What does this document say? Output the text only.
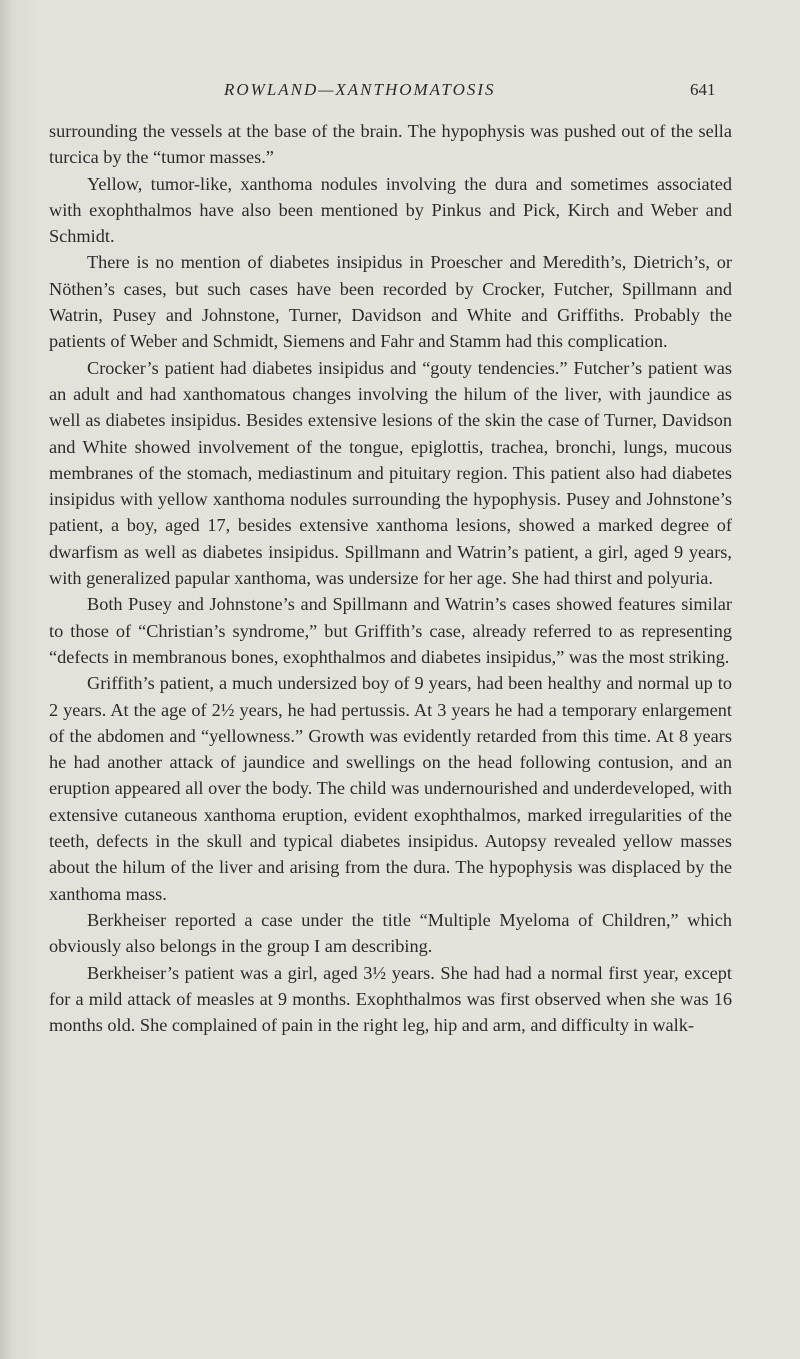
ROWLAND—XANTHOMATOSIS	641

surrounding the vessels at the base of the brain. The hypophysis was pushed out of the sella turcica by the “tumor masses.”

Yellow, tumor-like, xanthoma nodules involving the dura and sometimes associated with exophthalmos have also been mentioned by Pinkus and Pick, Kirch and Weber and Schmidt.

There is no mention of diabetes insipidus in Proescher and Meredith’s, Dietrich’s, or Nöthen’s cases, but such cases have been recorded by Crocker, Futcher, Spillmann and Watrin, Pusey and Johnstone, Turner, Davidson and White and Griffiths. Probably the patients of Weber and Schmidt, Siemens and Fahr and Stamm had this complication.

Crocker’s patient had diabetes insipidus and “gouty tendencies.” Futcher’s patient was an adult and had xanthomatous changes involving the hilum of the liver, with jaundice as well as diabetes insipidus. Besides extensive lesions of the skin the case of Turner, Davidson and White showed involvement of the tongue, epiglottis, trachea, bronchi, lungs, mucous membranes of the stomach, mediastinum and pituitary region. This patient also had diabetes insipidus with yellow xanthoma nodules surrounding the hypophysis. Pusey and Johnstone’s patient, a boy, aged 17, besides extensive xanthoma lesions, showed a marked degree of dwarfism as well as diabetes insipidus. Spillmann and Watrin’s patient, a girl, aged 9 years, with generalized papular xanthoma, was undersize for her age. She had thirst and polyuria.

Both Pusey and Johnstone’s and Spillmann and Watrin’s cases showed features similar to those of “Christian’s syndrome,” but Griffith’s case, already referred to as representing “defects in membranous bones, exophthalmos and diabetes insipidus,” was the most striking.

Griffith’s patient, a much undersized boy of 9 years, had been healthy and normal up to 2 years. At the age of 2½ years, he had pertussis. At 3 years he had a temporary enlargement of the abdomen and “yellowness.” Growth was evidently retarded from this time. At 8 years he had another attack of jaundice and swellings on the head following contusion, and an eruption appeared all over the body. The child was undernourished and underdeveloped, with extensive cutaneous xanthoma eruption, evident exophthalmos, marked irregularities of the teeth, defects in the skull and typical diabetes insipidus. Autopsy revealed yellow masses about the hilum of the liver and arising from the dura. The hypophysis was displaced by the xanthoma mass.

Berkheiser reported a case under the title “Multiple Myeloma of Children,” which obviously also belongs in the group I am describing.

Berkheiser’s patient was a girl, aged 3½ years. She had had a normal first year, except for a mild attack of measles at 9 months. Exophthalmos was first observed when she was 16 months old. She complained of pain in the right leg, hip and arm, and difficulty in walk-
